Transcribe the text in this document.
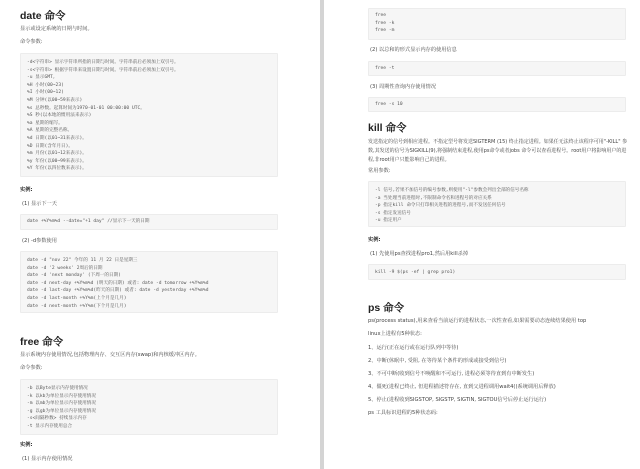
date 命令
显示或设定系统的日期与时间。
命令参数:
-d<字符串> 显示字符串所指的日期与时间。字符串前后必须加上双引号。
-s<字符串> 根据字符串来设置日期与时间。字符串前后必须加上双引号。
-u 显示GMT。
%H 小时(00~23)
%I 小时(00~12)
%M 分钟(以00~59来表示)
%s 总秒数。起算时间为1970-01-01 00:00:00 UTC。
%S 秒(以本地的惯用法来表示)
%a 星期的缩写。
%A 星期的完整名称。
%d 日期(以01~31来表示)。
%D 日期(含年月日)。
%m 月份(以01~12来表示)。
%y 年份(以00~99来表示)。
%Y 年份(以四位数来表示)。
实例:
(1) 显示下一天
date +%Y%m%d --date="+1 day" //显示下一天的日期
(2) -d参数使用
date -d "nov 22" 今年的 11 月 22 日是星期三
date -d '2 weeks' 2周后的日期
date -d 'next monday' (下周一的日期)
date -d next-day +%Y%m%d (明天的日期) 或者: date -d tomorrow +%Y%m%d
date -d last-day +%Y%m%d(昨天的日期) 或者: date -d yesterday +%Y%m%d
date -d last-month +%Y%m(上个月是几月)
date -d next-month +%Y%m(下个月是几月)
free 命令
显示系统内存使用情况,包括物理内存、交互区内存(swap)和内核缓冲区内存。
命令参数:
-b 以Byte显示内存使用情况
-k 以kb为单位显示内存使用情况
-m 以mb为单位显示内存使用情况
-g 以gb为单位显示内存使用情况
-s<间隔秒数> 持续显示内存
-t 显示内存使用总合
实例:
(1) 显示内存使用情况
free
free -k
free -m
(2) 以总和的形式显示内存的使用信息
free -t
(3) 周期性查询内存使用情况
free -s 10
kill 命令
发送指定的信号到相应进程。不指定型号将发送SIGTERM (15) 终止指定进程。如果任无法终止该程序可用"-KILL" 参数,其发送的信号为SIGKILL(9),将强制结束进程,使用ps命令或者jobs 命令可以查看进程号。root用户将影响用户的进程,非root用户只能影响自己的进程。
常用参数:
-l 信号,若果不加信号的编号参数,则使用"-l"参数会列出全部的信号名称
-a 当处理当前进程时,不限制命令名和进程号的对应关系
-p 指定kill 命令只打印相关进程的进程号,而不发送任何信号
-s 指定发送信号
-u 指定用户
实例:
(1) 先使用ps查找进程pro1,然后用kill杀掉
kill -9 $(ps -ef | grep pro1)
ps 命令
ps(process status),用来查看当前运行的进程状态,一次性查看,如果需要动态连续结果使用 top
linux上进程有5种状态:
1、运行(正在运行或在运行队列中等待)
2、中断(休眠中, 受阻, 在等待某个条件的形成或接受到信号)
3、不可中断(收到信号不唤醒和不可运行, 进程必须等待直到有中断发生)
4、僵死(进程已终止, 但进程描述符存在, 直到父进程调用wait4()系统调用后释放)
5、停止(进程收到SIGSTOP, SIGSTP, SIGTIN, SIGTOU信号后停止运行运行)
ps 工具标识进程的5种状态码:
